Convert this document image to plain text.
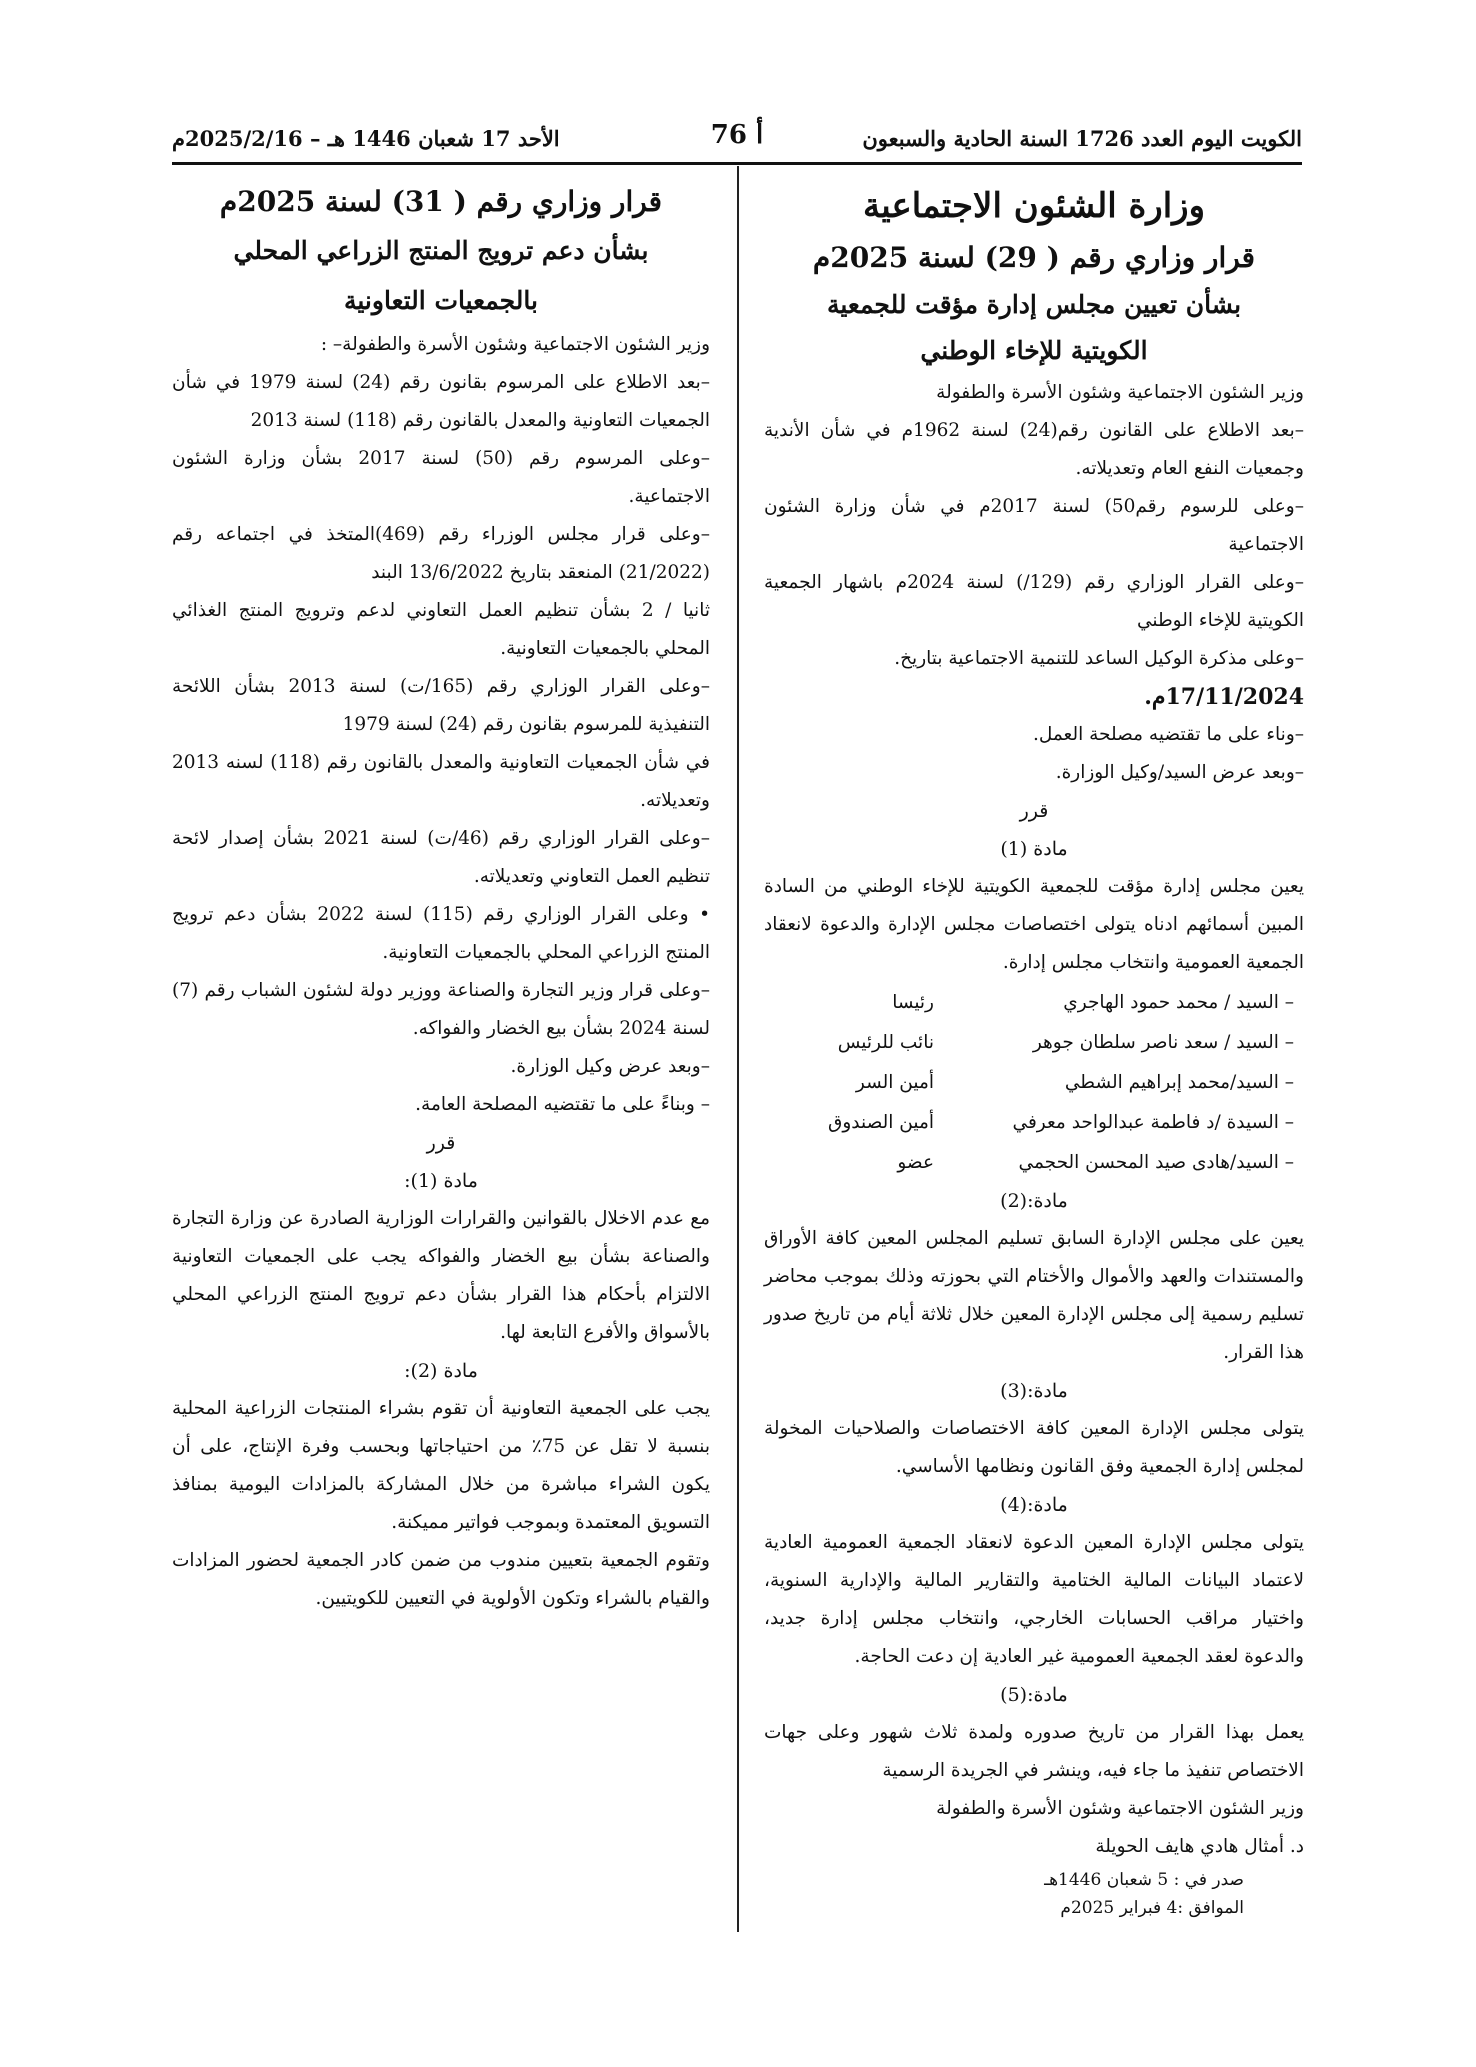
الكويت اليوم العدد 1726 السنة الحادية والسبعون
أ 76
الأحد 17 شعبان 1446 هـ – 2025/2/16م
وزارة الشئون الاجتماعية
قرار وزاري رقم ( 29) لسنة 2025م
بشأن تعيين مجلس إدارة مؤقت للجمعية
الكويتية للإخاء الوطني

وزير الشئون الاجتماعية وشئون الأسرة والطفولة

–بعد الاطلاع على القانون رقم(24) لسنة 1962م في شأن الأندية وجمعيات النفع العام وتعديلاته.

–وعلى للرسوم رقم50) لسنة 2017م في شأن وزارة الشئون الاجتماعية

–وعلى القرار الوزاري رقم (129/) لسنة 2024م باشهار الجمعية الكويتية للإخاء الوطني

–وعلى مذكرة الوكيل الساعد للتنمية الاجتماعية بتاريخ.

17/11/2024م.

–وناء على ما تقتضيه مصلحة العمل.

–وبعد عرض السيد/وكيل الوزارة.

قرر

مادة (1)

يعين مجلس إدارة مؤقت للجمعية الكويتية للإخاء الوطني من السادة المبين أسمائهم ادناه يتولى اختصاصات مجلس الإدارة والدعوة لانعقاد الجمعية العمومية وانتخاب مجلس إدارة.

– السيد / محمد حمود الهاجري	رئيسا
– السيد / سعد ناصر سلطان جوهر	نائب للرئيس
– السيد/محمد إبراهيم الشطي	أمين السر
– السيدة /د فاطمة عبدالواحد معرفي	أمين الصندوق
– السيد/هادى صيد المحسن الحجمي	عضو

مادة:(2)

يعين على مجلس الإدارة السابق تسليم المجلس المعين كافة الأوراق والمستندات والعهد والأموال والأختام التي بحوزته وذلك بموجب محاضر تسليم رسمية إلى مجلس الإدارة المعين خلال ثلاثة أيام من تاريخ صدور هذا القرار.

مادة:(3)

يتولى مجلس الإدارة المعين كافة الاختصاصات والصلاحيات المخولة لمجلس إدارة الجمعية وفق القانون ونظامها الأساسي.

مادة:(4)

يتولى مجلس الإدارة المعين الدعوة لانعقاد الجمعية العمومية العادية لاعتماد البيانات المالية الختامية والتقارير المالية والإدارية السنوية، واختيار مراقب الحسابات الخارجي، وانتخاب مجلس إدارة جديد، والدعوة لعقد الجمعية العمومية غير العادية إن دعت الحاجة.

مادة:(5)

يعمل بهذا القرار من تاريخ صدوره ولمدة ثلاث شهور وعلى جهات الاختصاص تنفيذ ما جاء فيه، وينشر في الجريدة الرسمية

وزير الشئون الاجتماعية وشئون الأسرة والطفولة

د. أمثال هادي هايف الحويلة

صدر في : 5 شعبان 1446هـ

الموافق :4 فبراير 2025م

قرار وزاري رقم ( 31) لسنة 2025م
بشأن دعم ترويج المنتج الزراعي المحلي
بالجمعيات التعاونية

وزير الشئون الاجتماعية وشئون الأسرة والطفولة– :

–بعد الاطلاع على المرسوم بقانون رقم (24) لسنة 1979 في شأن الجمعيات التعاونية والمعدل بالقانون رقم (118) لسنة 2013

–وعلى المرسوم رقم (50) لسنة 2017 بشأن وزارة الشئون الاجتماعية.

–وعلى قرار مجلس الوزراء رقم (469)المتخذ في اجتماعه رقم (21/2022) المنعقد بتاريخ 13/6/2022 البند

ثانيا / 2 بشأن تنظيم العمل التعاوني لدعم وترويج المنتج الغذائي المحلي بالجمعيات التعاونية.

–وعلى القرار الوزاري رقم (165/ت) لسنة 2013 بشأن اللائحة التنفيذية للمرسوم بقانون رقم (24) لسنة 1979

في شأن الجمعيات التعاونية والمعدل بالقانون رقم (118) لسنه 2013 وتعديلاته.

–وعلى القرار الوزاري رقم (46/ت) لسنة 2021 بشأن إصدار لائحة تنظيم العمل التعاوني وتعديلاته.

• وعلى القرار الوزاري رقم (115) لسنة 2022 بشأن دعم ترويج المنتج الزراعي المحلي بالجمعيات التعاونية.

–وعلى قرار وزير التجارة والصناعة ووزير دولة لشئون الشباب رقم (7) لسنة 2024 بشأن بيع الخضار والفواكه.

–وبعد عرض وكيل الوزارة.

– وبناءً على ما تقتضيه المصلحة العامة.

قرر

مادة (1):

مع عدم الاخلال بالقوانين والقرارات الوزارية الصادرة عن وزارة التجارة والصناعة بشأن بيع الخضار والفواكه يجب على الجمعيات التعاونية الالتزام بأحكام هذا القرار بشأن دعم ترويج المنتج الزراعي المحلي بالأسواق والأفرع التابعة لها.

مادة (2):

يجب على الجمعية التعاونية أن تقوم بشراء المنتجات الزراعية المحلية بنسبة لا تقل عن 75٪ من احتياجاتها وبحسب وفرة الإنتاج، على أن يكون الشراء مباشرة من خلال المشاركة بالمزادات اليومية بمنافذ التسويق المعتمدة وبموجب فواتير مميكنة.

وتقوم الجمعية بتعيين مندوب من ضمن كادر الجمعية لحضور المزادات والقيام بالشراء وتكون الأولوية في التعيين للكويتيين.
